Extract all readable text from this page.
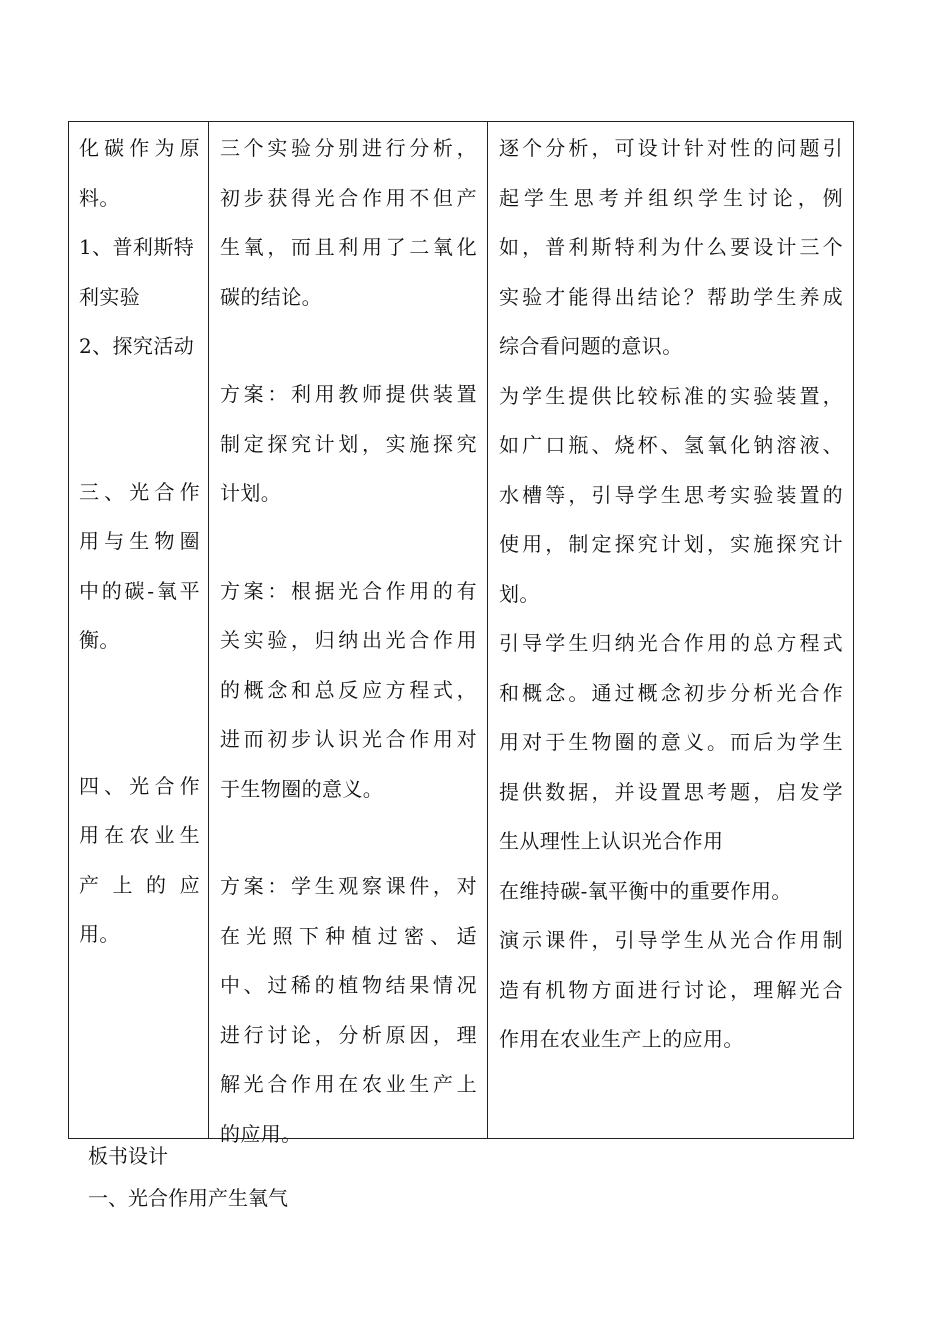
化碳作为原

料。

1、普利斯特

利实验

2、探究活动

三、光合作

用与生物圈

中的碳-氧平

衡。

四、光合作

用在农业生

产上的应

用。

三个实验分别进行分析，

初步获得光合作用不但产

生氧，而且利用了二氧化

碳的结论。

方案：利用教师提供装置

制定探究计划，实施探究

计划。

方案：根据光合作用的有

关实验，归纳出光合作用

的概念和总反应方程式，

进而初步认识光合作用对

于生物圈的意义。

方案：学生观察课件，对

在光照下种植过密、适

中、过稀的植物结果情况

进行讨论，分析原因，理

解光合作用在农业生产上

的应用。

逐个分析，可设计针对性的问题引

起学生思考并组织学生讨论，例

如，普利斯特利为什么要设计三个

实验才能得出结论？帮助学生养成

综合看问题的意识。

为学生提供比较标准的实验装置，

如广口瓶、烧杯、氢氧化钠溶液、

水槽等，引导学生思考实验装置的

使用，制定探究计划，实施探究计

划。

引导学生归纳光合作用的总方程式

和概念。通过概念初步分析光合作

用对于生物圈的意义。而后为学生

提供数据，并设置思考题，启发学

生从理性上认识光合作用

在维持碳-氧平衡中的重要作用。

演示课件，引导学生从光合作用制

造有机物方面进行讨论，理解光合

作用在农业生产上的应用。

板书设计
一、光合作用产生氧气
